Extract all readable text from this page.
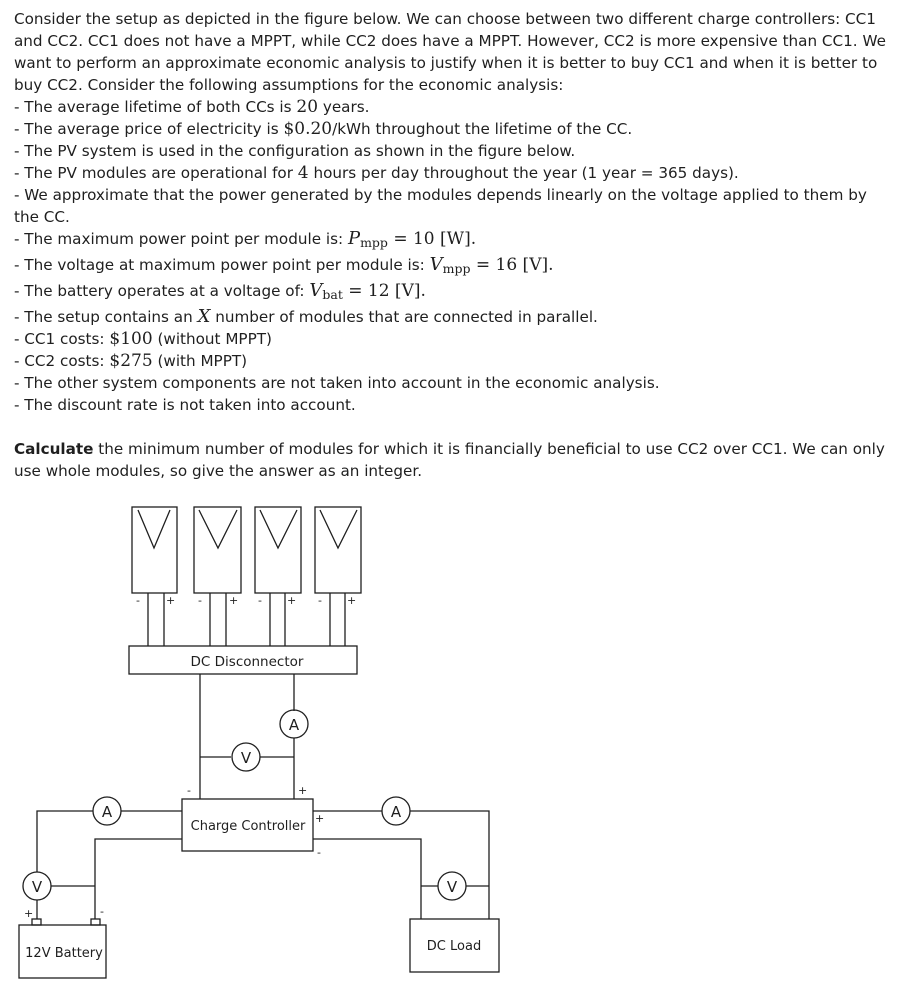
Consider the setup as depicted in the figure below. We can choose between two different charge controllers: CC1 and CC2. CC1 does not have a MPPT, while CC2 does have a MPPT. However, CC2 is more expensive than CC1. We want to perform an approximate economic analysis to justify when it is better to buy CC1 and when it is better to buy CC2. Consider the following assumptions for the economic analysis:

- The average lifetime of both CCs is 20 years.
- The average price of electricity is $0.20/kWh throughout the lifetime of the CC.
- The PV system is used in the configuration as shown in the figure below.
- The PV modules are operational for 4 hours per day throughout the year (1 year = 365 days).

- We approximate that the power generated by the modules depends linearly on the voltage applied to them by the CC.

- The maximum power point per module is: $P_{mpp} = 10$ [W].
- The voltage at maximum power point per module is: $V_{mpp} = 16$ [V].
- The battery operates at a voltage of: $V_{bat} = 12$ [V].
- The setup contains an X number of modules that are connected in parallel.
- CC1 costs: $100 (without MPPT)
- CC2 costs: $275 (with MPPT)
- The other system components are not taken into account in the economic analysis.
- The discount rate is not taken into account.

Calculate the minimum number of modules for which it is financially beneficial to use CC2 over CC1. We can only use whole modules, so give the answer as an integer.

- + - + - + - +
A
V
A
V
A
V
DC Disconnector
Charge Controller
12V Battery	DC Load
-	+
+
-
+	-
